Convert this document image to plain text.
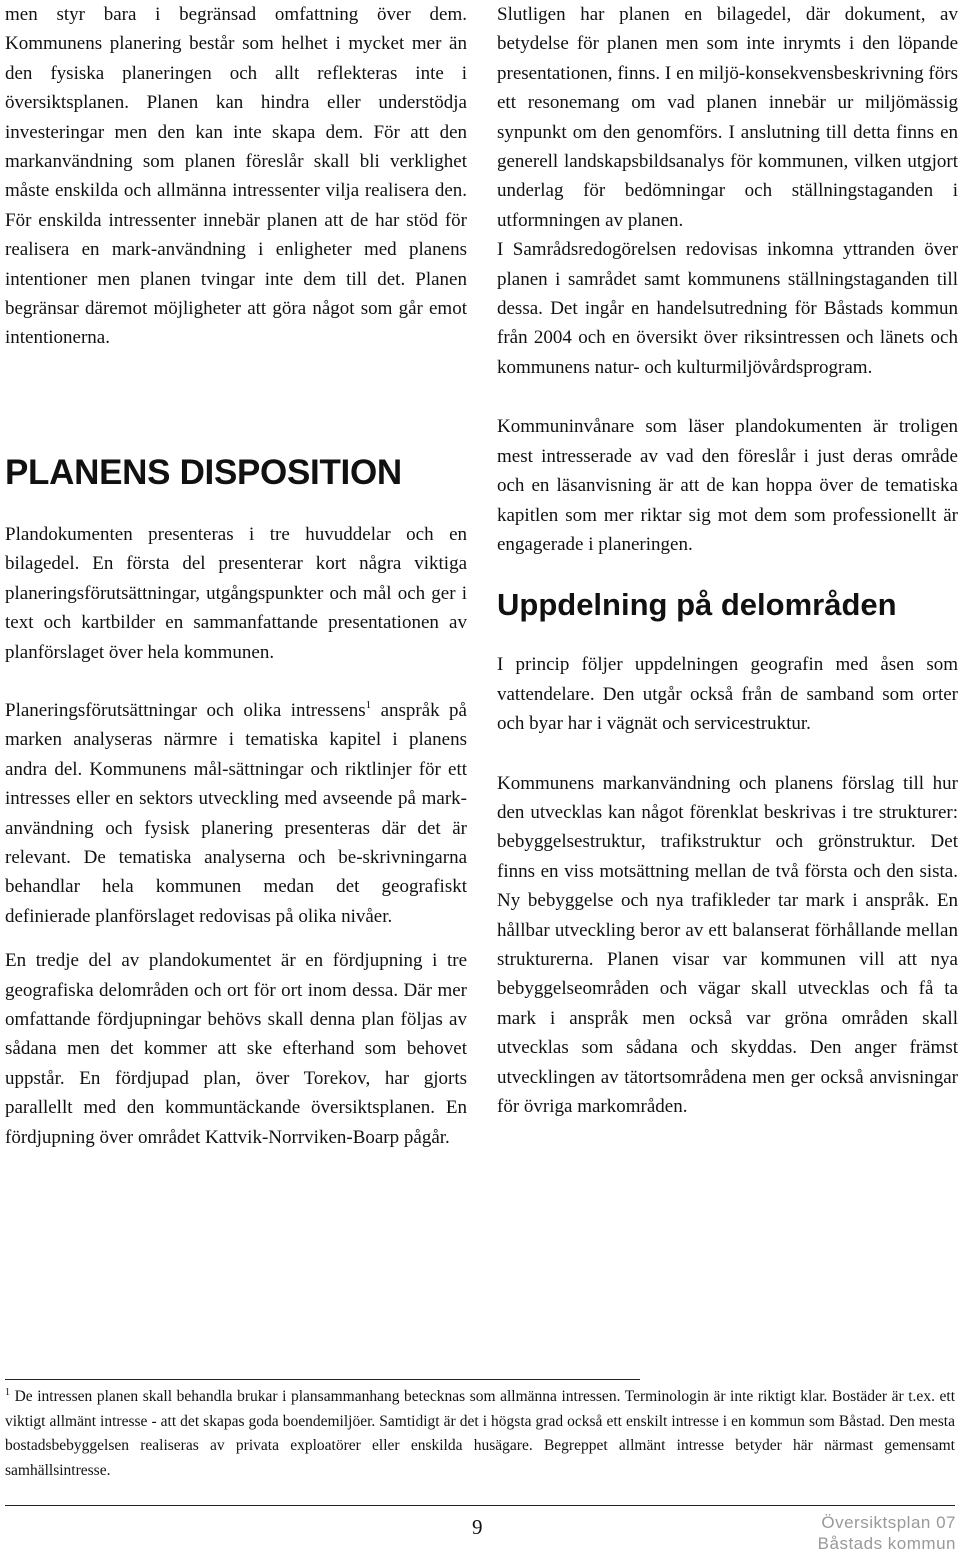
men styr bara i begränsad omfattning över dem. Kommunens planering består som helhet i mycket mer än den fysiska planeringen och allt reflekteras inte i översiktsplanen. Planen kan hindra eller understödja investeringar men den kan inte skapa dem. För att den markanvändning som planen föreslår skall bli verklighet måste enskilda och allmänna intressenter vilja realisera den. För enskilda intressenter innebär planen att de har stöd för realisera en mark-användning i enligheter med planens intentioner men planen tvingar inte dem till det. Planen begränsar däremot möjligheter att göra något som går emot intentionerna.

PLANENS DISPOSITION

Plandokumenten presenteras i tre huvuddelar och en bilagedel. En första del presenterar kort några viktiga planeringsförutsättningar, utgångspunkter och mål och ger i text och kartbilder en sammanfattande presentationen av planförslaget över hela kommunen.

Planeringsförutsättningar och olika intressens$^1$ anspråk på marken analyseras närmre i tematiska kapitel i planens andra del. Kommunens mål-sättningar och riktlinjer för ett intresses eller en sektors utveckling med avseende på mark-användning och fysisk planering presenteras där det är relevant. De tematiska analyserna och be-skrivningarna behandlar hela kommunen medan det geografiskt definierade planförslaget redovisas på olika nivåer.

En tredje del av plandokumentet är en fördjupning i tre geografiska delområden och ort för ort inom dessa. Där mer omfattande fördjupningar behövs skall denna plan följas av sådana men det kommer att ske efterhand som behovet uppstår. En fördjupad plan, över Torekov, har gjorts parallellt med den kommuntäckande översiktsplanen. En fördjupning över området Kattvik-Norrviken-Boarp pågår.

Slutligen har planen en bilagedel, där dokument, av betydelse för planen men som inte inrymts i den löpande presentationen, finns. I en miljö-konsekvensbeskrivning förs ett resonemang om vad planen innebär ur miljömässig synpunkt om den genomförs. I anslutning till detta finns en generell landskapsbildsanalys för kommunen, vilken utgjort underlag för bedömningar och ställningstaganden i utformningen av planen.

I Samrådsredogörelsen redovisas inkomna yttranden över planen i samrådet samt kommunens ställningstaganden till dessa. Det ingår en handelsutredning för Båstads kommun från 2004 och en översikt över riksintressen och länets och kommunens natur- och kulturmiljövårdsprogram.

Kommuninvånare som läser plandokumenten är troligen mest intresserade av vad den föreslår i just deras område och en läsanvisning är att de kan hoppa över de tematiska kapitlen som mer riktar sig mot dem som professionellt är engagerade i planeringen.

Uppdelning på delområden

I princip följer uppdelningen geografin med åsen som vattendelare. Den utgår också från de samband som orter och byar har i vägnät och servicestruktur.

Kommunens markanvändning och planens förslag till hur den utvecklas kan något förenklat beskrivas i tre strukturer: bebyggelsestruktur, trafikstruktur och grönstruktur. Det finns en viss motsättning mellan de två första och den sista. Ny bebyggelse och nya trafikleder tar mark i anspråk. En hållbar utveckling beror av ett balanserat förhållande mellan strukturerna. Planen visar var kommunen vill att nya bebyggelseområden och vägar skall utvecklas och få ta mark i anspråk men också var gröna områden skall utvecklas som sådana och skyddas. Den anger främst utvecklingen av tätortsområdena men ger också anvisningar för övriga markområden.

$^1$ De intressen planen skall behandla brukar i plansammanhang betecknas som allmänna intressen. Terminologin är inte riktigt klar. Bostäder är t.ex. ett viktigt allmänt intresse - att det skapas goda boendemiljöer. Samtidigt är det i högsta grad också ett enskilt intresse i en kommun som Båstad. Den mesta bostadsbebyggelsen realiseras av privata exploatörer eller enskilda husägare. Begreppet allmänt intresse betyder här närmast gemensamt samhällsintresse.
9	Översiktsplan 07
Båstads kommun
